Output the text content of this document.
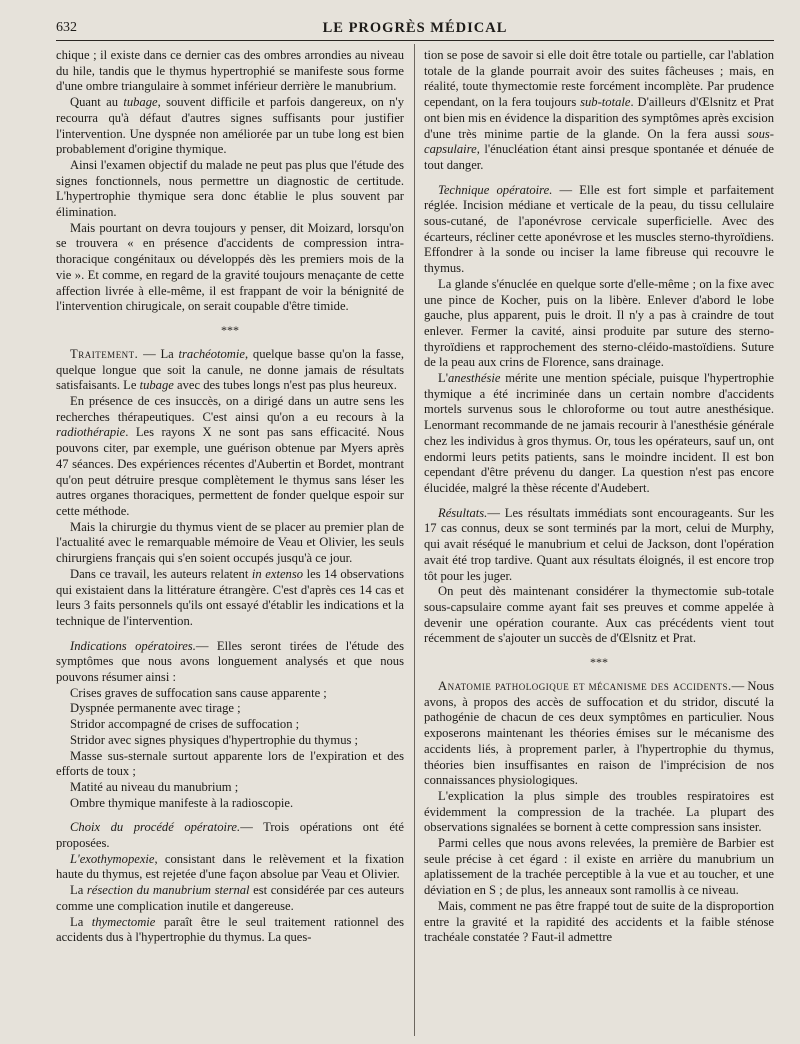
632	LE PROGRÈS MÉDICAL

chique ; il existe dans ce dernier cas des ombres arrondies au niveau du hile, tandis que le thymus hypertrophié se manifeste sous forme d'une ombre triangulaire à sommet inférieur derrière le manubrium.

Quant au tubage, souvent difficile et parfois dangereux, on n'y recourra qu'à défaut d'autres signes suffisants pour justifier l'intervention. Une dyspnée non améliorée par un tube long est bien probablement d'origine thymique.

Ainsi l'examen objectif du malade ne peut pas plus que l'étude des signes fonctionnels, nous permettre un diagnostic de certitude. L'hypertrophie thymique sera donc établie le plus souvent par élimination.

Mais pourtant on devra toujours y penser, dit Moizard, lorsqu'on se trouvera « en présence d'accidents de compression intra-thoracique congénitaux ou développés dès les premiers mois de la vie ». Et comme, en regard de la gravité toujours menaçante de cette affection livrée à elle-même, il est frappant de voir la bénignité de l'intervention chirugicale, on serait coupable d'être timide.

***

Traitement. — La trachéotomie, quelque basse qu'on la fasse, quelque longue que soit la canule, ne donne jamais de résultats satisfaisants. Le tubage avec des tubes longs n'est pas plus heureux.

En présence de ces insuccès, on a dirigé dans un autre sens les recherches thérapeutiques. C'est ainsi qu'on a eu recours à la radiothérapie. Les rayons X ne sont pas sans efficacité. Nous pouvons citer, par exemple, une guérison obtenue par Myers après 47 séances. Des expériences récentes d'Aubertin et Bordet, montrant qu'on peut détruire presque complètement le thymus sans léser les autres organes thoraciques, permettent de fonder quelque espoir sur cette méthode.

Mais la chirurgie du thymus vient de se placer au premier plan de l'actualité avec le remarquable mémoire de Veau et Olivier, les seuls chirurgiens français qui s'en soient occupés jusqu'à ce jour.

Dans ce travail, les auteurs relatent in extenso les 14 observations qui existaient dans la littérature étrangère. C'est d'après ces 14 cas et leurs 3 faits personnels qu'ils ont essayé d'établir les indications et la technique de l'intervention.

Indications opératoires.— Elles seront tirées de l'étude des symptômes que nous avons longuement analysés et que nous pouvons résumer ainsi :

Crises graves de suffocation sans cause apparente ;

Dyspnée permanente avec tirage ;

Stridor accompagné de crises de suffocation ;

Stridor avec signes physiques d'hypertrophie du thymus ;

Masse sus-sternale surtout apparente lors de l'expiration et des efforts de toux ;

Matité au niveau du manubrium ;

Ombre thymique manifeste à la radioscopie.

Choix du procédé opératoire.— Trois opérations ont été proposées.

L'exothymopexie, consistant dans le relèvement et la fixation haute du thymus, est rejetée d'une façon absolue par Veau et Olivier.

La résection du manubrium sternal est considérée par ces auteurs comme une complication inutile et dangereuse.

La thymectomie paraît être le seul traitement rationnel des accidents dus à l'hypertrophie du thymus. La ques-

tion se pose de savoir si elle doit être totale ou partielle, car l'ablation totale de la glande pourrait avoir des suites fâcheuses ; mais, en réalité, toute thymectomie reste forcément incomplète. Par prudence cependant, on la fera toujours sub-totale. D'ailleurs d'Œlsnitz et Prat ont bien mis en évidence la disparition des symptômes après excision d'une très minime partie de la glande. On la fera aussi sous-capsulaire, l'énucléation étant ainsi presque spontanée et dénuée de tout danger.

Technique opératoire. — Elle est fort simple et parfaitement réglée. Incision médiane et verticale de la peau, du tissu cellulaire sous-cutané, de l'aponévrose cervicale superficielle. Avec des écarteurs, récliner cette aponévrose et les muscles sterno-thyroïdiens. Effondrer à la sonde ou inciser la lame fibreuse qui recouvre le thymus.

La glande s'énuclée en quelque sorte d'elle-même ; on la fixe avec une pince de Kocher, puis on la libère. Enlever d'abord le lobe gauche, plus apparent, puis le droit. Il n'y a pas à craindre de tout enlever. Fermer la cavité, ainsi produite par suture des sterno-thyroïdiens et rapprochement des sterno-cléido-mastoïdiens. Suture de la peau aux crins de Florence, sans drainage.

L'anesthésie mérite une mention spéciale, puisque l'hypertrophie thymique a été incriminée dans un certain nombre d'accidents mortels survenus sous le chloroforme ou tout autre anesthésique. Lenormant recommande de ne jamais recourir à l'anesthésie générale chez les individus à gros thymus. Or, tous les opérateurs, sauf un, ont endormi leurs petits patients, sans le moindre incident. Il est bon cependant d'être prévenu du danger. La question n'est pas encore élucidée, malgré la thèse récente d'Audebert.

Résultats.— Les résultats immédiats sont encourageants. Sur les 17 cas connus, deux se sont terminés par la mort, celui de Murphy, qui avait réséqué le manubrium et celui de Jackson, dont l'opération avait été trop tardive. Quant aux résultats éloignés, il est encore trop tôt pour les juger.

On peut dès maintenant considérer la thymectomie sub-totale sous-capsulaire comme ayant fait ses preuves et comme appelée à devenir une opération courante. Aux cas précédents vient tout récemment de s'ajouter un succès de d'Œlsnitz et Prat.

***

Anatomie pathologique et mécanisme des accidents.— Nous avons, à propos des accès de suffocation et du stridor, discuté la pathogénie de chacun de ces deux symptômes en particulier. Nous exposerons maintenant les théories émises sur le mécanisme des accidents liés, à proprement parler, à l'hypertrophie du thymus, théories bien insuffisantes en raison de l'imprécision de nos connaissances physiologiques.

L'explication la plus simple des troubles respiratoires est évidemment la compression de la trachée. La plupart des observations signalées se bornent à cette compression sans insister.

Parmi celles que nous avons relevées, la première de Barbier est seule précise à cet égard : il existe en arrière du manubrium un aplatissement de la trachée perceptible à la vue et au toucher, et une déviation en S ; de plus, les anneaux sont ramollis à ce niveau.

Mais, comment ne pas être frappé tout de suite de la disproportion entre la gravité et la rapidité des accidents et la faible sténose trachéale constatée ? Faut-il admettre
